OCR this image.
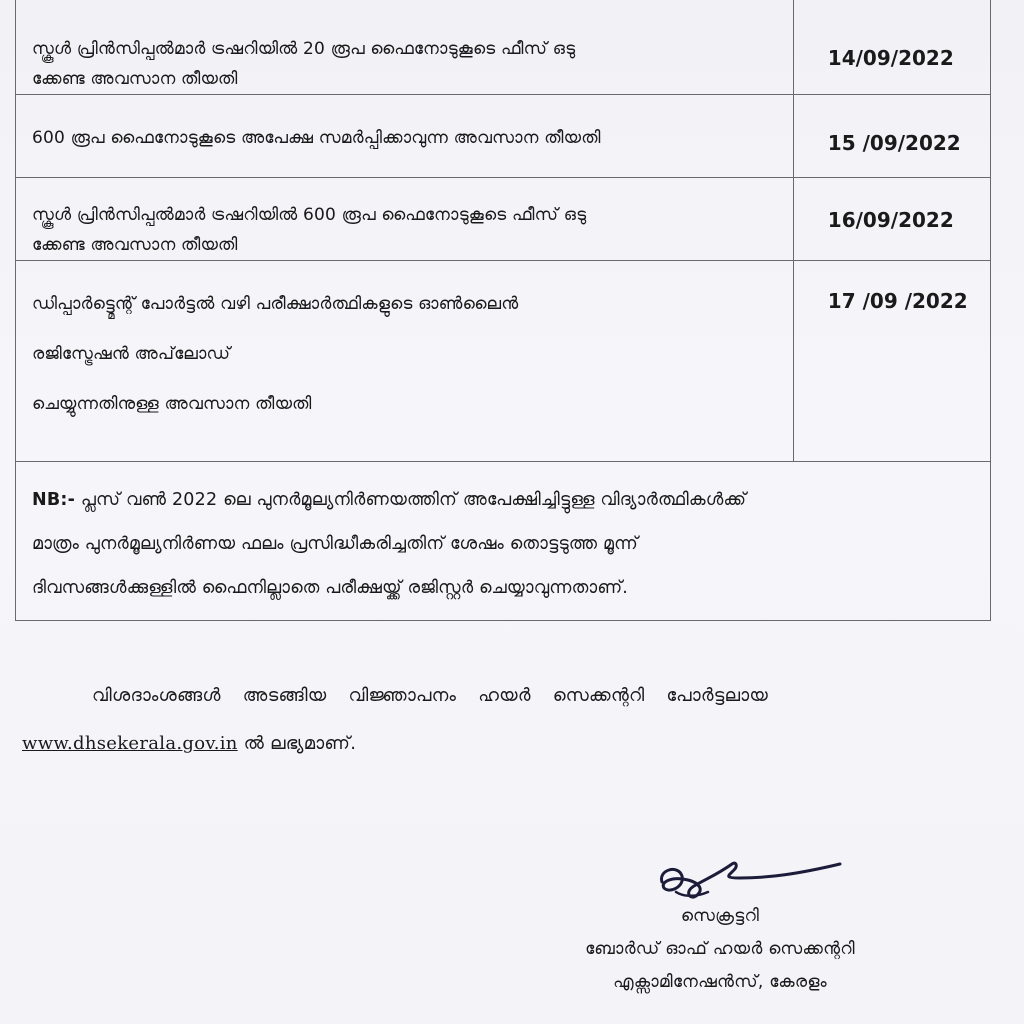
സ്കൂൾ പ്രിൻസിപ്പൽമാർ ട്രഷറിയിൽ 20 രൂപ ഫൈനോടുകൂടെ ഫീസ് ഒടു
ക്കേണ്ട അവസാന തീയതി	14/09/2022

600 രൂപ ഫൈനോടുകൂടെ അപേക്ഷ സമർപ്പിക്കാവുന്ന അവസാന തീയതി	15 /09/2022

സ്കൂൾ പ്രിൻസിപ്പൽമാർ ട്രഷറിയിൽ 600 രൂപ ഫൈനോടുകൂടെ ഫീസ് ഒടു
ക്കേണ്ട അവസാന തീയതി	16/09/2022

ഡിപ്പാർട്ട്മെന്റ് പോർട്ടൽ വഴി പരീക്ഷാർത്ഥികളുടെ ഓൺലൈൻ
രജിസ്ട്രേഷൻ അപ്‌ലോഡ്
ചെയ്യുന്നതിനുള്ള അവസാന തീയതി	17 /09 /2022

NB:- പ്ലസ് വൺ 2022 ലെ പുനർമൂല്യനിർണയത്തിന് അപേക്ഷിച്ചിട്ടുള്ള വിദ്യാർത്ഥികൾക്ക്
മാത്രം പുനർമൂല്യനിർണയ ഫലം പ്രസിദ്ധീകരിച്ചതിന് ശേഷം തൊട്ടടുത്ത മൂന്ന്
ദിവസങ്ങൾക്കുള്ളിൽ ഫൈനില്ലാതെ പരീക്ഷയ്ക്ക് രജിസ്റ്റർ ചെയ്യാവുന്നതാണ്.	
വിശദാംശങ്ങൾ അടങ്ങിയ വിജ്ഞാപനം ഹയർ സെക്കന്ററി പോർട്ടലായ
www.dhsekerala.gov.in ൽ ലഭ്യമാണ്.
സെക്രട്ടറി
ബോർഡ് ഓഫ് ഹയർ സെക്കന്ററി
എക്സാമിനേഷൻസ്, കേരളം
